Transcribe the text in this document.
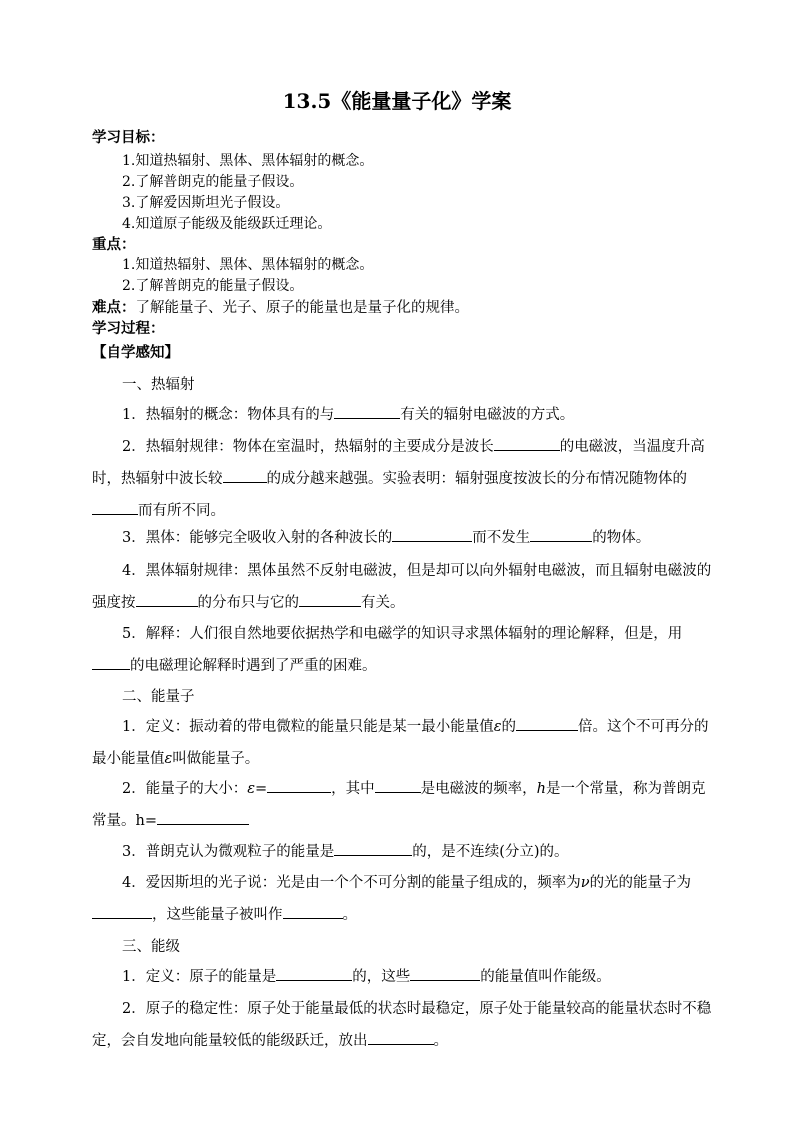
13.5《能量量子化》学案
学习目标：
1.知道热辐射、黑体、黑体辐射的概念。
2.了解普朗克的能量子假设。
3.了解爱因斯坦光子假设。
4.知道原子能级及能级跃迁理论。
重点：
1.知道热辐射、黑体、黑体辐射的概念。
2.了解普朗克的能量子假设。
难点：了解能量子、光子、原子的能量也是量子化的规律。
学习过程：
【自学感知】
一、热辐射
1．热辐射的概念：物体具有的与	有关的辐射电磁波的方式。
2．热辐射规律：物体在室温时，热辐射的主要成分是波长	的电磁波，当温度升高时，热辐射中波长较	的成分越来越强。实验表明：辐射强度按波长的分布情况随物体的 而有所不同。
3．黑体：能够完全吸收入射的各种波长的	而不发生	的物体。
4．黑体辐射规律：黑体虽然不反射电磁波，但是却可以向外辐射电磁波，而且辐射电磁波的强度按	的分布只与它的	有关。
5．解释：人们很自然地要依据热学和电磁学的知识寻求黑体辐射的理论解释，但是，用的电磁理论解释时遇到了严重的困难。
二、能量子
1．定义：振动着的带电微粒的能量只能是某一最小能量值ε的	倍。这个不可再分的最小能量值ε叫做能量子。
2．能量子的大小：ε=	，其中	是电磁波的频率，h是一个常量，称为普朗克常量。h=
3．普朗克认为微观粒子的能量是	的，是不连续(分立)的。
4．爱因斯坦的光子说：光是由一个个不可分割的能量子组成的，频率为ν的光的能量子为，这些能量子被叫作	。
三、能级
1．定义：原子的能量是	的，这些	的能量值叫作能级。
2．原子的稳定性：原子处于能量最低的状态时最稳定，原子处于能量较高的能量状态时不稳定，会自发地向能量较低的能级跃迁，放出	。
